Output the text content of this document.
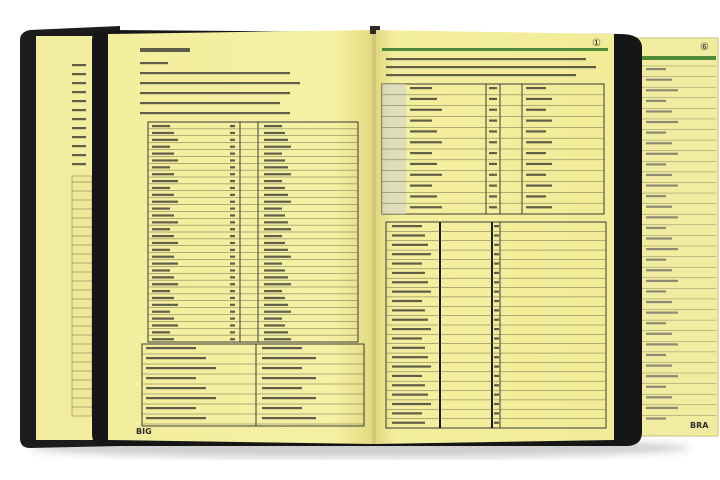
⑥
BRA
BIG
①
